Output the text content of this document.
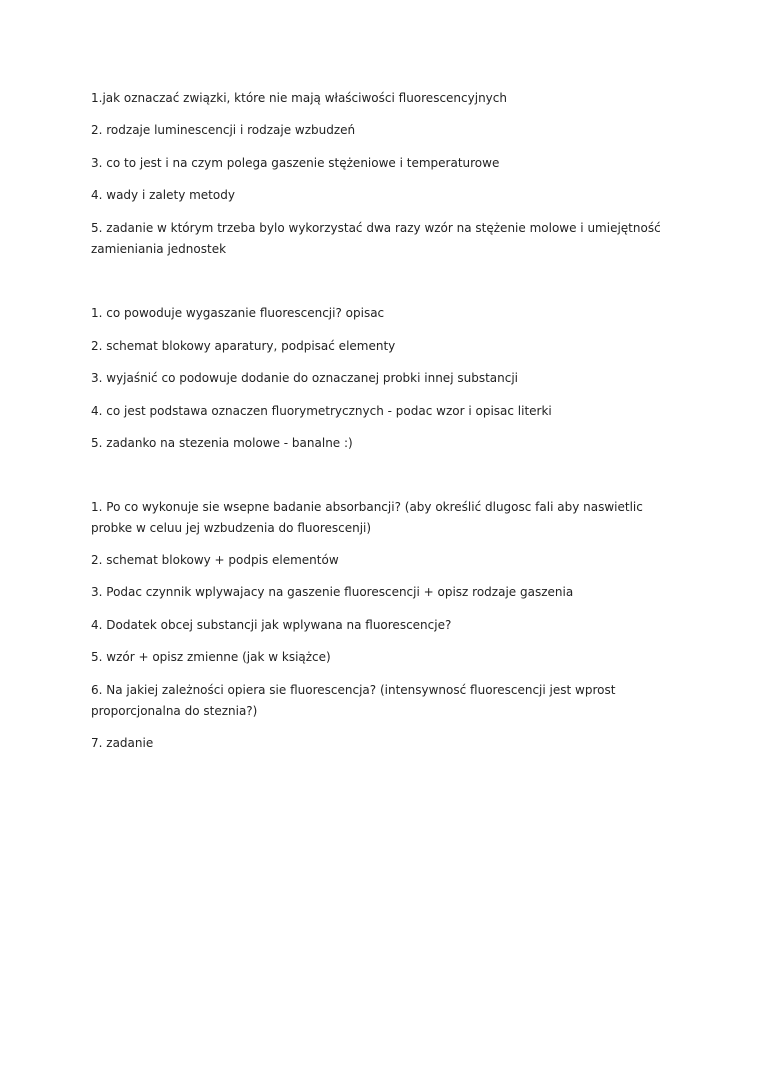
1.jak oznaczać związki, które nie mają właściwości fluorescencyjnych

2. rodzaje luminescencji i rodzaje wzbudzeń

3. co to jest i na czym polega gaszenie stężeniowe i temperaturowe

4. wady i zalety metody

5. zadanie w którym trzeba bylo wykorzystać dwa razy wzór na stężenie molowe i umiejętność zamieniania jednostek

1. co powoduje wygaszanie fluorescencji? opisac

2. schemat blokowy aparatury, podpisać elementy

3. wyjaśnić co podowuje dodanie do oznaczanej probki innej substancji

4. co jest podstawa oznaczen fluorymetrycznych - podac wzor i opisac literki

5. zadanko na stezenia molowe - banalne :)

1. Po co wykonuje sie wsepne badanie absorbancji? (aby określić dlugosc fali aby naswietlic probke w celuu jej wzbudzenia do fluorescenji)

2. schemat blokowy + podpis elementów

3. Podac czynnik wplywajacy na gaszenie fluorescencji + opisz rodzaje gaszenia

4. Dodatek obcej substancji jak wplywana na fluorescencje?

5. wzór + opisz zmienne (jak w książce)

6. Na jakiej zależności opiera sie fluorescencja? (intensywnosć fluorescencji jest wprost proporcjonalna do steznia?)

7. zadanie
